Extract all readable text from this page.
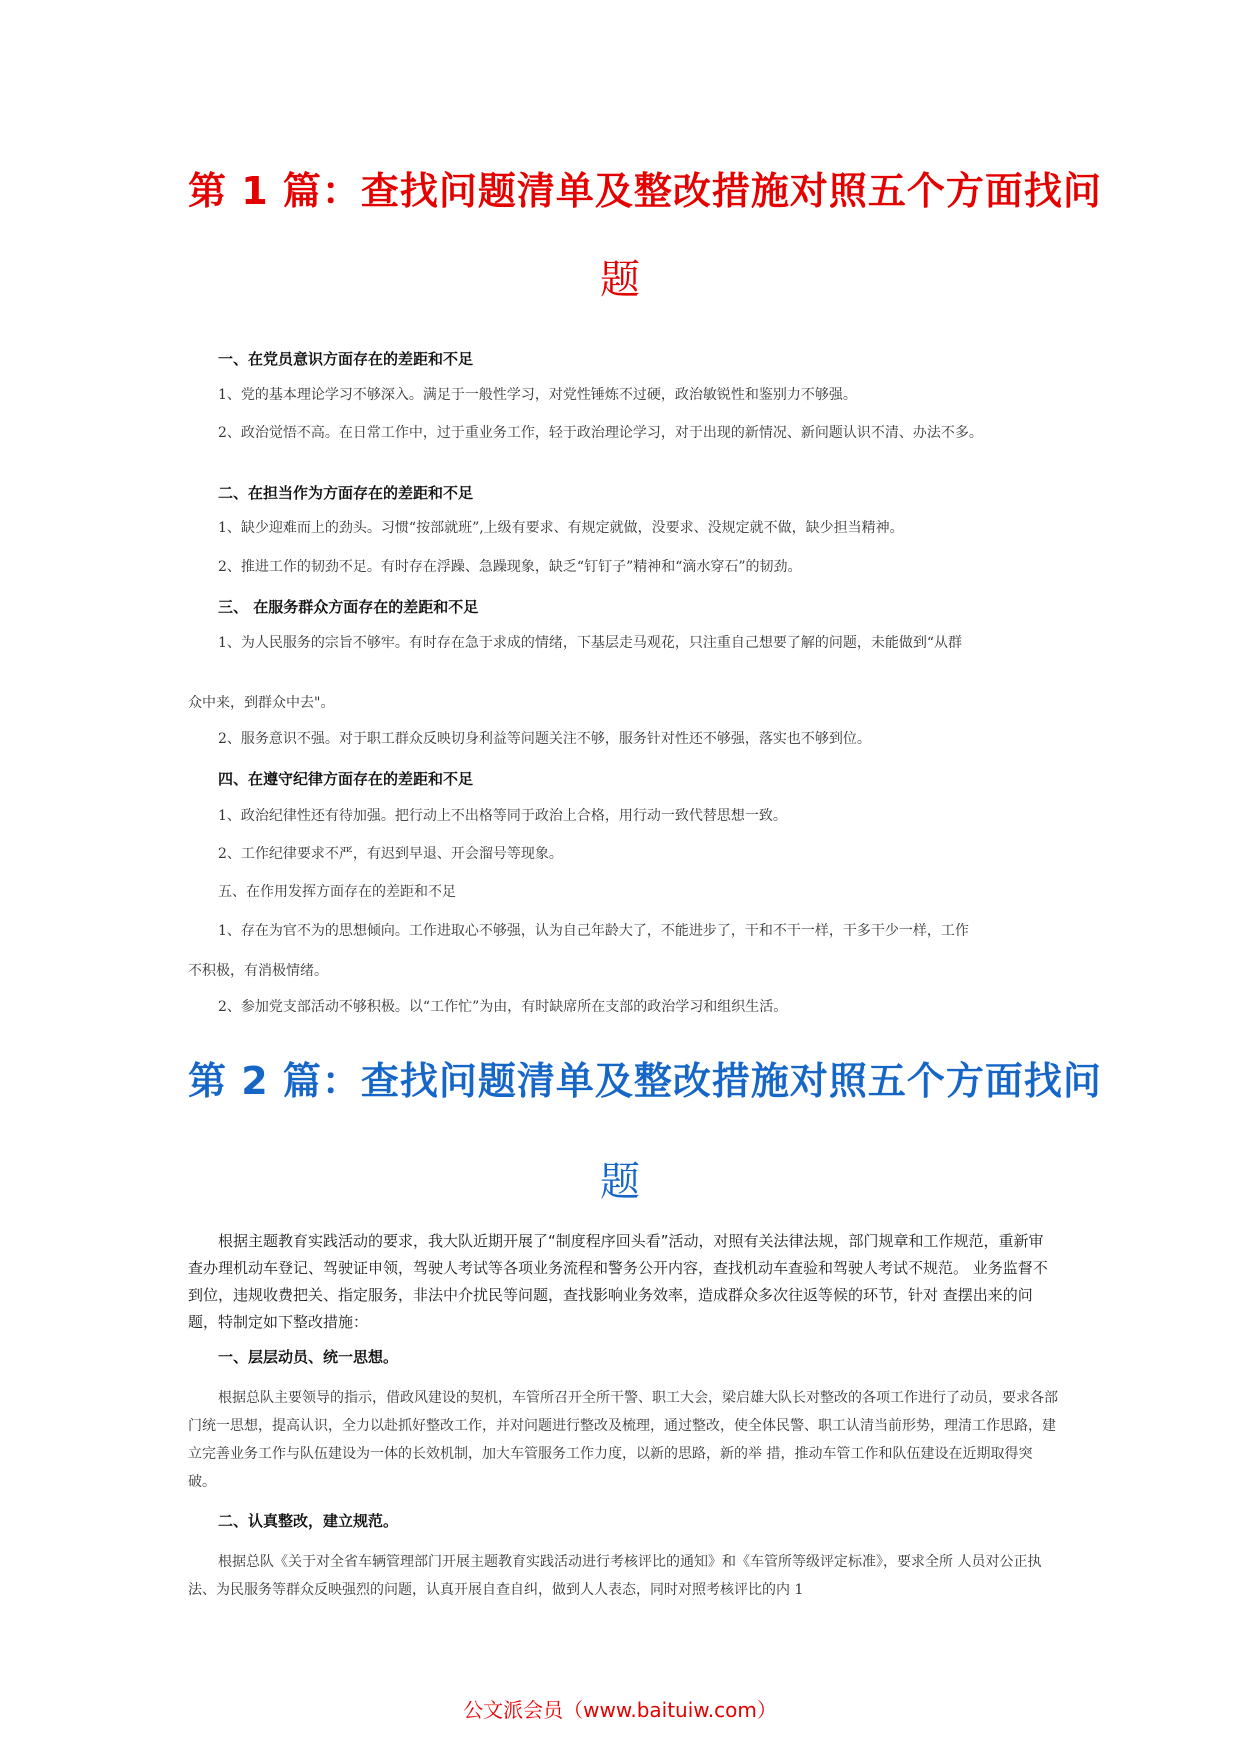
第 1 篇：查找问题清单及整改措施对照五个方面找问
题
一、在党员意识方面存在的差距和不足
1、党的基本理论学习不够深入。满足于一般性学习，对党性锤炼不过硬，政治敏锐性和鉴别力不够强。
2、政治觉悟不高。在日常工作中，过于重业务工作，轻于政治理论学习，对于出现的新情况、新问题认识不清、办法不多。
二、在担当作为方面存在的差距和不足
1、缺少迎难而上的劲头。习惯“按部就班”,上级有要求、有规定就做，没要求、没规定就不做，缺少担当精神。
2、推进工作的韧劲不足。有时存在浮躁、急躁现象，缺乏“钉钉子”精神和“滴水穿石”的韧劲。
三、 在服务群众方面存在的差距和不足
1、为人民服务的宗旨不够牢。有时存在急于求成的情绪，下基层走马观花，只注重自己想要了解的问题，未能做到“从群
众中来，到群众中去"。
2、服务意识不强。对于职工群众反映切身利益等问题关注不够，服务针对性还不够强，落实也不够到位。
四、在遵守纪律方面存在的差距和不足
1、政治纪律性还有待加强。把行动上不出格等同于政治上合格，用行动一致代替思想一致。
2、工作纪律要求不严，有迟到早退、开会溜号等现象。
五、在作用发挥方面存在的差距和不足
1、存在为官不为的思想倾向。工作进取心不够强，认为自己年龄大了，不能进步了，干和不干一样，干多干少一样，工作
不积极，有消极情绪。
2、参加党支部活动不够积极。以“工作忙”为由，有时缺席所在支部的政治学习和组织生活。
第 2 篇：查找问题清单及整改措施对照五个方面找问
题
根据主题教育实践活动的要求，我大队近期开展了“制度程序回头看”活动，对照有关法律法规，部门规章和工作规范，重新审查办理机动车登记、驾驶证申领，驾驶人考试等各项业务流程和警务公开内容，查找机动车查验和驾驶人考试不规范。 业务监督不到位，违规收费把关、指定服务，非法中介扰民等问题，查找影响业务效率，造成群众多次往返等候的环节，针对 查摆出来的问题，特制定如下整改措施：
一、层层动员、统一思想。
根据总队主要领导的指示，借政风建设的契机，车管所召开全所干警、职工大会，梁启雄大队长对整改的各项工作进行了动员，要求各部门统一思想，提高认识，全力以赴抓好整改工作，并对问题进行整改及梳理，通过整改，使全体民警、职工认清当前形势，理清工作思路，建立完善业务工作与队伍建设为一体的长效机制，加大车管服务工作力度，以新的思路，新的举 措，推动车管工作和队伍建设在近期取得突破。
二、认真整改，建立规范。
根据总队《关于对全省车辆管理部门开展主题教育实践活动进行考核评比的通知》和《车管所等级评定标准》，要求全所 人员对公正执法、为民服务等群众反映强烈的问题，认真开展自查自纠，做到人人表态，同时对照考核评比的内 1
公文派会员（www.baituiw.com）
